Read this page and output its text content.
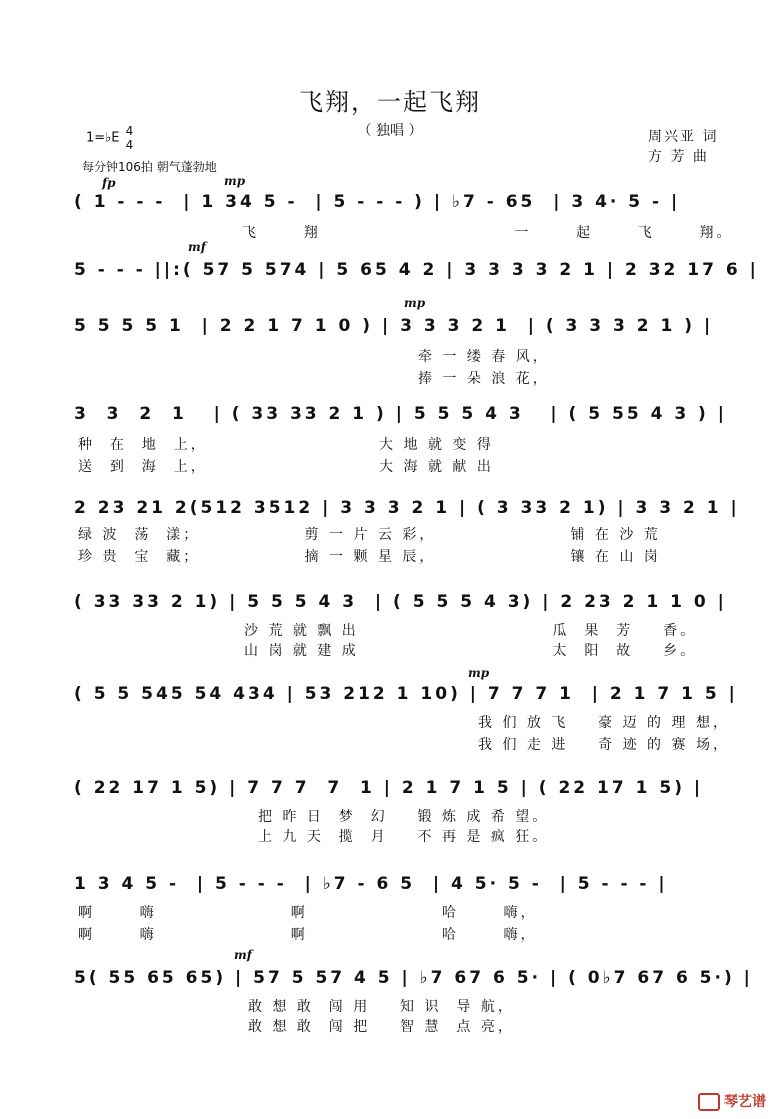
飞翔，一起飞翔
（ 独唱 ）
1=♭E 4
4
每分钟106拍 朝气蓬勃地
周兴亚 词
方 芳 曲
fp	mp
( 1 - - -  | 1 34 5 -  | 5 - - - ) | ♭7 - 65  | 3 4· 5 - |
飞      翔                          一      起      飞      翔。
mf
5 - - - ||:( 57 5 574 | 5 65 4 2 | 3 3 3 3 2 1 | 2 32 17 6 |
mp
5 5 5 5 1  | 2 2 1 7 1 0 ) | 3 3 3 2 1  | ( 3 3 3 2 1 ) |
牵 一 缕 春 风，
捧 一 朵 浪 花，
3  3  2  1   | ( 33 33 2 1 ) | 5 5 5 4 3   | ( 5 55 4 3 ) |
种  在  地  上，                       大 地 就 变 得
送  到  海  上，                       大 海 就 献 出
2 23 21 2(512 3512 | 3 3 3 2 1 | ( 3 33 2 1) | 3 3 2 1 |
绿 波  荡  漾；              剪 一 片 云 彩，                  铺 在 沙 荒
珍 贵  宝  藏；              摘 一 颗 星 辰，                  镶 在 山 岗
( 33 33 2 1) | 5 5 5 4 3  | ( 5 5 5 4 3) | 2 23 2 1 1 0 |
沙 荒 就 飘 出                          瓜  果  芳    香。
山 岗 就 建 成                          太  阳  故    乡。
mp
( 5 5 545 54 434 | 53 212 1 10) | 7 7 7 1  | 2 1 7 1 5 |
我 们 放 飞    豪 迈 的 理 想，
我 们 走 进    奇 迹 的 赛 场，
( 22 17 1 5) | 7 7 7  7  1 | 2 1 7 1 5 | ( 22 17 1 5) |
把 昨 日  梦  幻    锻 炼 成 希 望。
上 九 天  揽  月    不 再 是 疯 狂。
1 3 4 5 -  | 5 - - -  | ♭7 - 6 5  | 4 5· 5 -  | 5 - - - |
啊      嗨                  啊                  哈      嗨，
啊      嗨                  啊                  哈      嗨，
mf
5( 55 65 65) | 57 5 57 4 5 | ♭7 67 6 5· | ( 0♭7 67 6 5·) |
敢 想 敢  闯 用    知 识  导 航，
敢 想 敢  闯 把    智 慧  点 亮，
琴艺谱
